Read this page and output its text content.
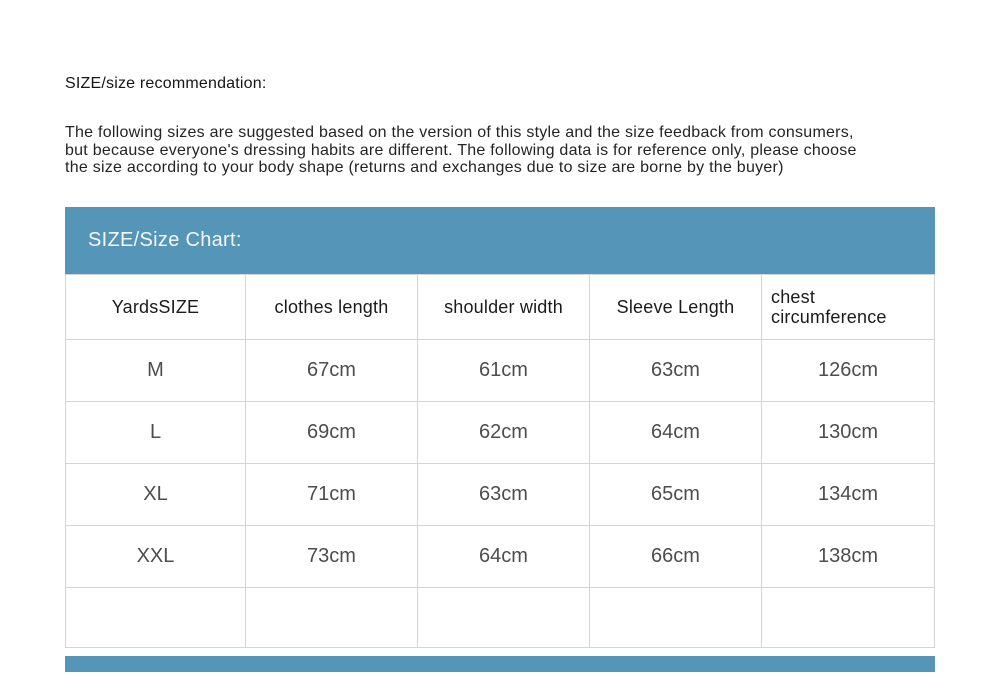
SIZE/size recommendation:
The following sizes are suggested based on the version of this style and the size feedback from consumers,
but because everyone's dressing habits are different. The following data is for reference only, please choose
the size according to your body shape (returns and exchanges due to size are borne by the buyer)
SIZE/Size Chart:
YardsSIZE	clothes length	shoulder width	Sleeve Length	chest circumference

M	67cm	61cm	63cm	126cm
L	69cm	62cm	64cm	130cm
XL	71cm	63cm	65cm	134cm
XXL	73cm	64cm	66cm	138cm
